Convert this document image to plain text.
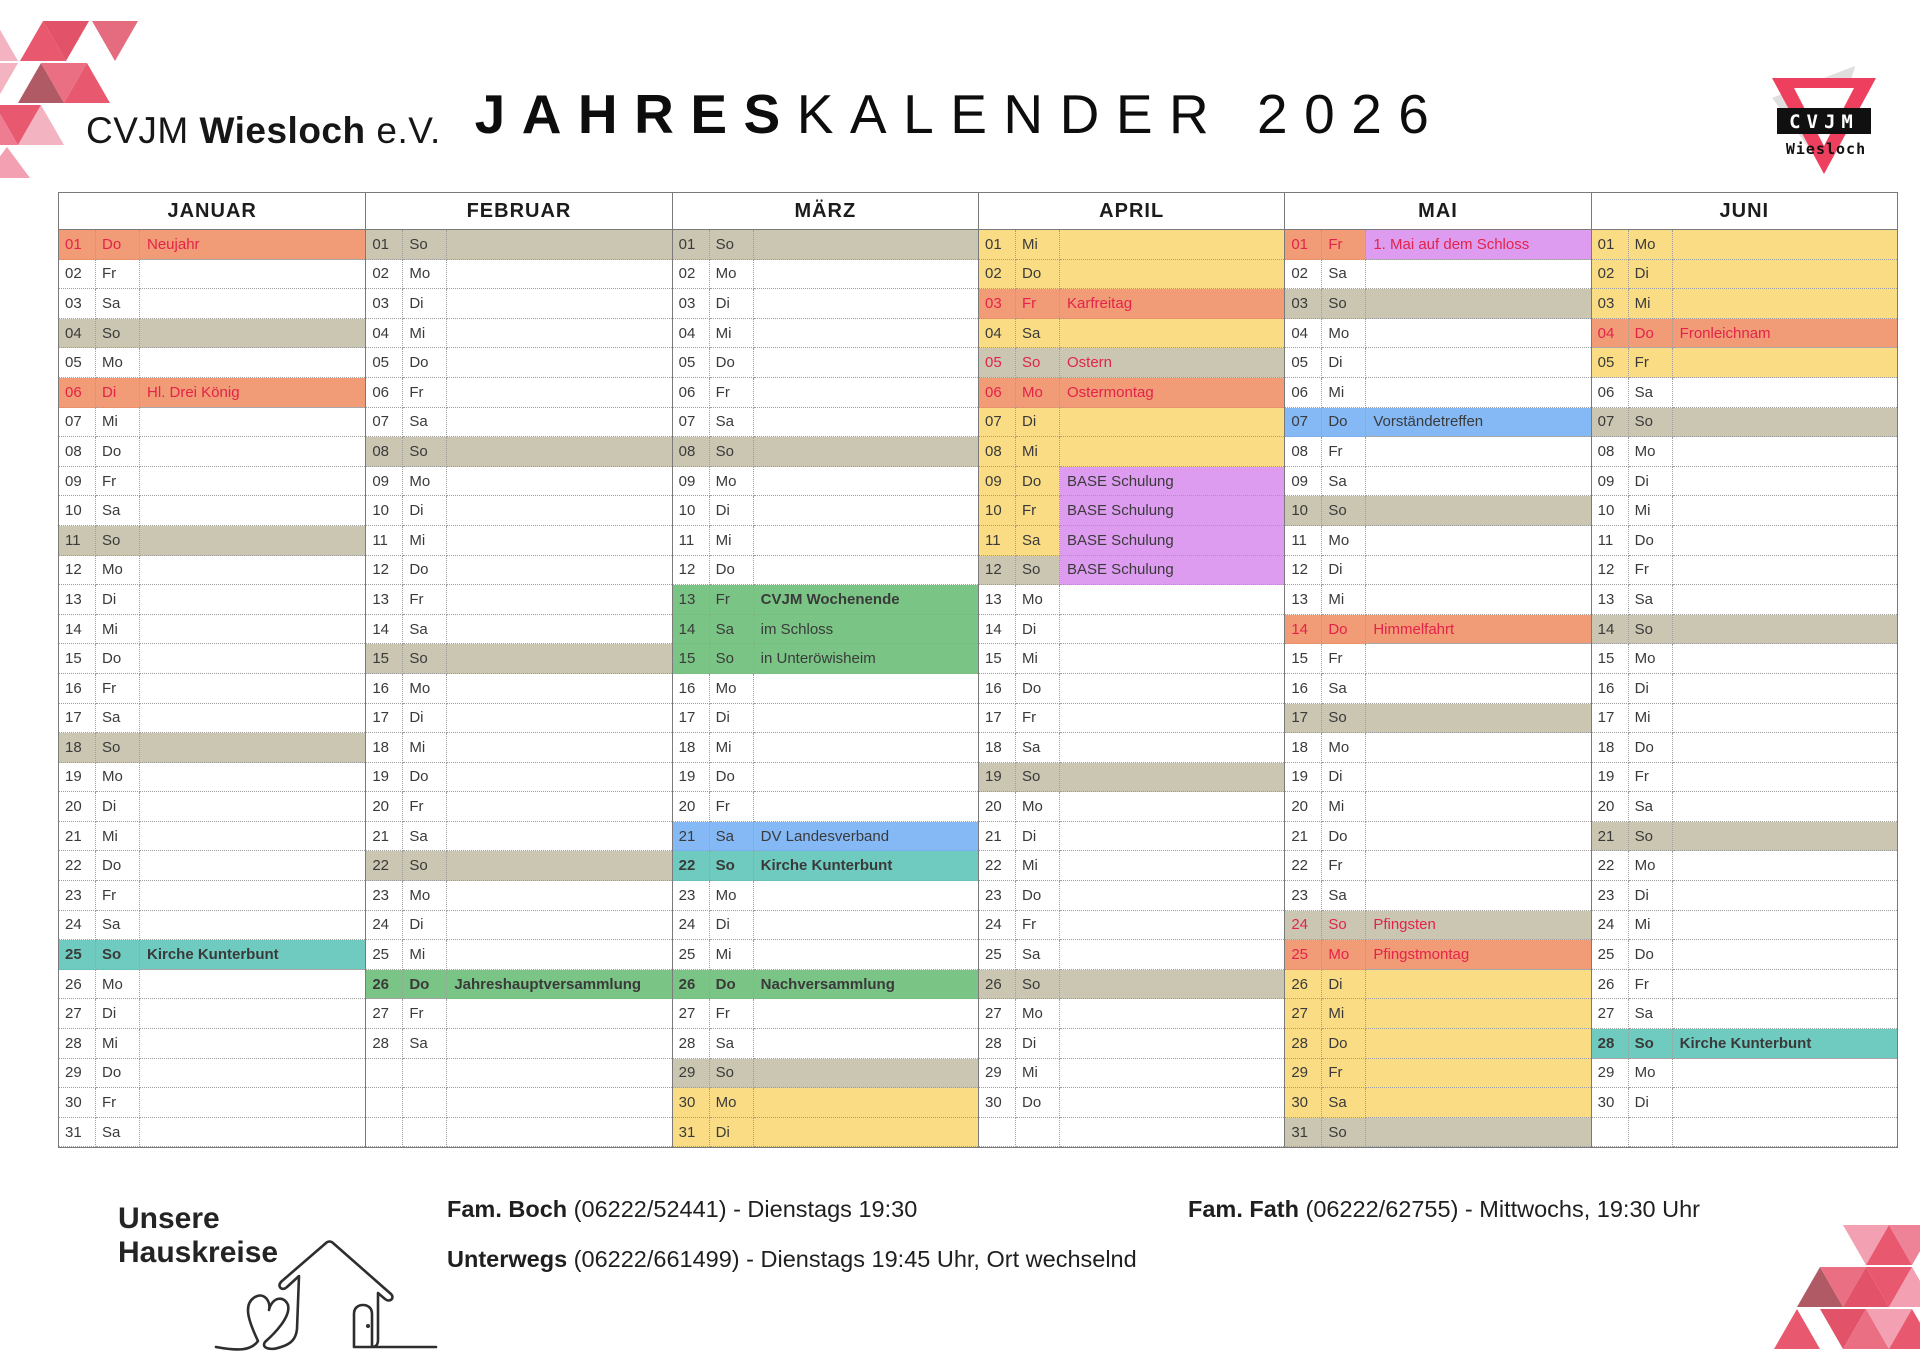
CVJM Wiesloch e.V. JAHRESKALENDER 2026	CVJM
Wiesloch
JANUAR
01	Do	Neujahr
02	Fr
03	Sa
04	So
05	Mo
06	Di	Hl. Drei König
07	Mi
08	Do
09	Fr
10	Sa
11	So
12	Mo
13	Di
14	Mi
15	Do
16	Fr
17	Sa
18	So
19	Mo
20	Di
21	Mi
22	Do
23	Fr
24	Sa
25	So	Kirche Kunterbunt
26	Mo
27	Di
28	Mi
29	Do
30	Fr
31	Sa
FEBRUAR
01	So
02	Mo
03	Di
04	Mi
05	Do
06	Fr
07	Sa
08	So
09	Mo
10	Di
11	Mi
12	Do
13	Fr
14	Sa
15	So
16	Mo
17	Di
18	Mi
19	Do
20	Fr
21	Sa
22	So
23	Mo
24	Di
25	Mi
26	Do	Jahreshauptversammlung
27	Fr
28	Sa
MÄRZ
01	So
02	Mo
03	Di
04	Mi
05	Do
06	Fr
07	Sa
08	So
09	Mo
10	Di
11	Mi
12	Do
13	Fr	CVJM Wochenende
14	Sa	im Schloss
15	So	in Unteröwisheim
16	Mo
17	Di
18	Mi
19	Do
20	Fr
21	Sa	DV Landesverband
22	So	Kirche Kunterbunt
23	Mo
24	Di
25	Mi
26	Do	Nachversammlung
27	Fr
28	Sa
29	So
30	Mo
31	Di
APRIL
01	Mi
02	Do
03	Fr	Karfreitag
04	Sa
05	So	Ostern
06	Mo	Ostermontag
07	Di
08	Mi
09	Do	BASE Schulung
10	Fr	BASE Schulung
11	Sa	BASE Schulung
12	So	BASE Schulung
13	Mo
14	Di
15	Mi
16	Do
17	Fr
18	Sa
19	So
20	Mo
21	Di
22	Mi
23	Do
24	Fr
25	Sa
26	So
27	Mo
28	Di
29	Mi
30	Do
MAI
01	Fr	1. Mai auf dem Schloss
02	Sa
03	So
04	Mo
05	Di
06	Mi
07	Do	Vorständetreffen
08	Fr
09	Sa
10	So
11	Mo
12	Di
13	Mi
14	Do	Himmelfahrt
15	Fr
16	Sa
17	So
18	Mo
19	Di
20	Mi
21	Do
22	Fr
23	Sa
24	So	Pfingsten
25	Mo	Pfingstmontag
26	Di
27	Mi
28	Do
29	Fr
30	Sa
31	So
JUNI
01	Mo
02	Di
03	Mi
04	Do	Fronleichnam
05	Fr
06	Sa
07	So
08	Mo
09	Di
10	Mi
11	Do
12	Fr
13	Sa
14	So
15	Mo
16	Di
17	Mi
18	Do
19	Fr
20	Sa
21	So
22	Mo
23	Di
24	Mi
25	Do
26	Fr
27	Sa
28	So	Kirche Kunterbunt
29	Mo
30	Di
Unsere
Hauskreise
Fam. Boch (06222/52441) - Dienstags 19:30
Unterwegs (06222/661499) - Dienstags 19:45 Uhr, Ort wechselnd
Fam. Fath (06222/62755) - Mittwochs, 19:30 Uhr
